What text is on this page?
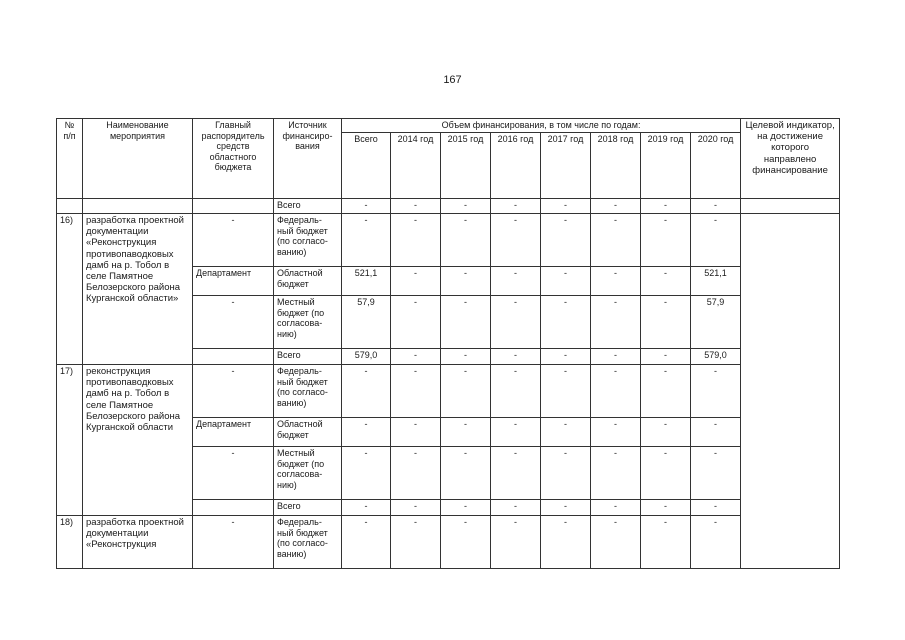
167
№ п/п	Наименование мероприятия	Главный распорядитель средств областного бюджета	Источник финансиро-вания	Объем финансирования, в том числе по годам:								Целевой индикатор, на достижение которого направлено финансирование
				Всего	2014 год	2015 год	2016 год	2017 год	2018 год	2019 год	2020 год	
			Всего	-	-	-	-	-	-	-	-	
16)	разработка проектной документации «Реконструкция противопаводковых дамб на р. Тобол в селе Памятное Белозерского района Курганской области»	-	Федераль-ный бюджет (по согласо-ванию)	-	-	-	-	-	-	-	-	
		Департамент	Областной бюджет	521,1	-	-	-	-	-	-	521,1	
		-	Местный бюджет (по согласова-нию)	57,9	-	-	-	-	-	-	57,9	
			Всего	579,0	-	-	-	-	-	-	579,0	
17)	реконструкция противопаводковых дамб на р. Тобол в селе Памятное Белозерского района Курганской области	-	Федераль-ный бюджет (по согласо-ванию)	-	-	-	-	-	-	-	-	
		Департамент	Областной бюджет	-	-	-	-	-	-	-	-	
		-	Местный бюджет (по согласова-нию)	-	-	-	-	-	-	-	-	
			Всего	-	-	-	-	-	-	-	-	
18)	разработка проектной документации «Реконструкция	-	Федераль-ный бюджет (по согласо-ванию)	-	-	-	-	-	-	-	-	
